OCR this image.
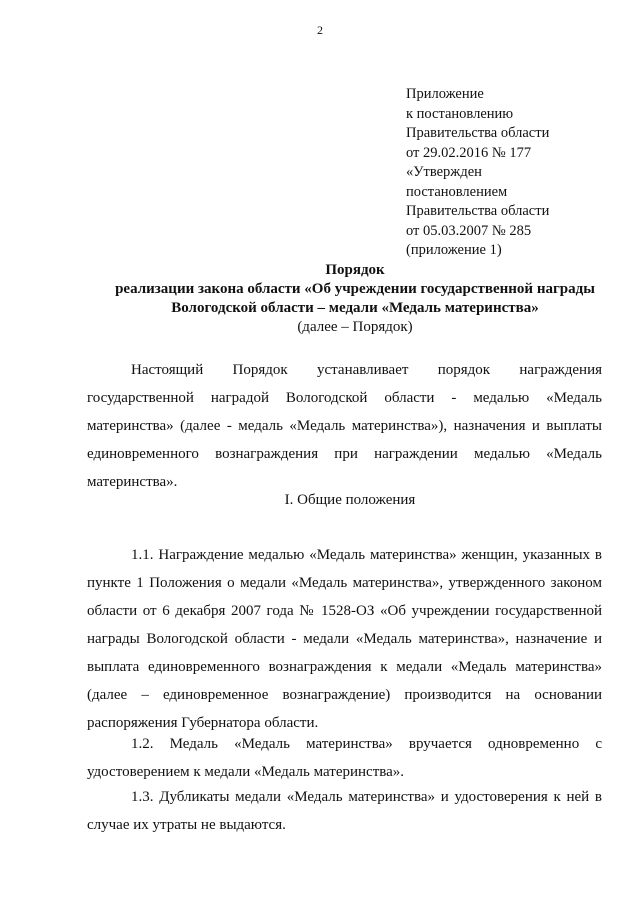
2
Приложение
к постановлению
Правительства области
от 29.02.2016 № 177
«Утвержден
постановлением
Правительства области
от 05.03.2007 № 285
(приложение 1)
Порядок
реализации закона области «Об учреждении государственной награды
Вологодской области – медали «Медаль материнства»
(далее – Порядок)
Настоящий Порядок устанавливает порядок награждения государственной наградой Вологодской области - медалью «Медаль материнства» (далее - медаль «Медаль материнства»), назначения и выплаты единовременного вознаграждения при награждении медалью «Медаль материнства».
I. Общие положения
1.1. Награждение медалью «Медаль материнства» женщин, указанных в пункте 1 Положения о медали «Медаль материнства», утвержденного законом области от 6 декабря 2007 года № 1528-ОЗ «Об учреждении государственной награды Вологодской области - медали «Медаль материнства», назначение и выплата единовременного вознаграждения к медали «Медаль материнства» (далее – единовременное вознаграждение) производится на основании распоряжения Губернатора области.
1.2. Медаль «Медаль материнства» вручается одновременно с удостоверением к медали «Медаль материнства».
1.3. Дубликаты медали «Медаль материнства» и удостоверения к ней в случае их утраты не выдаются.
